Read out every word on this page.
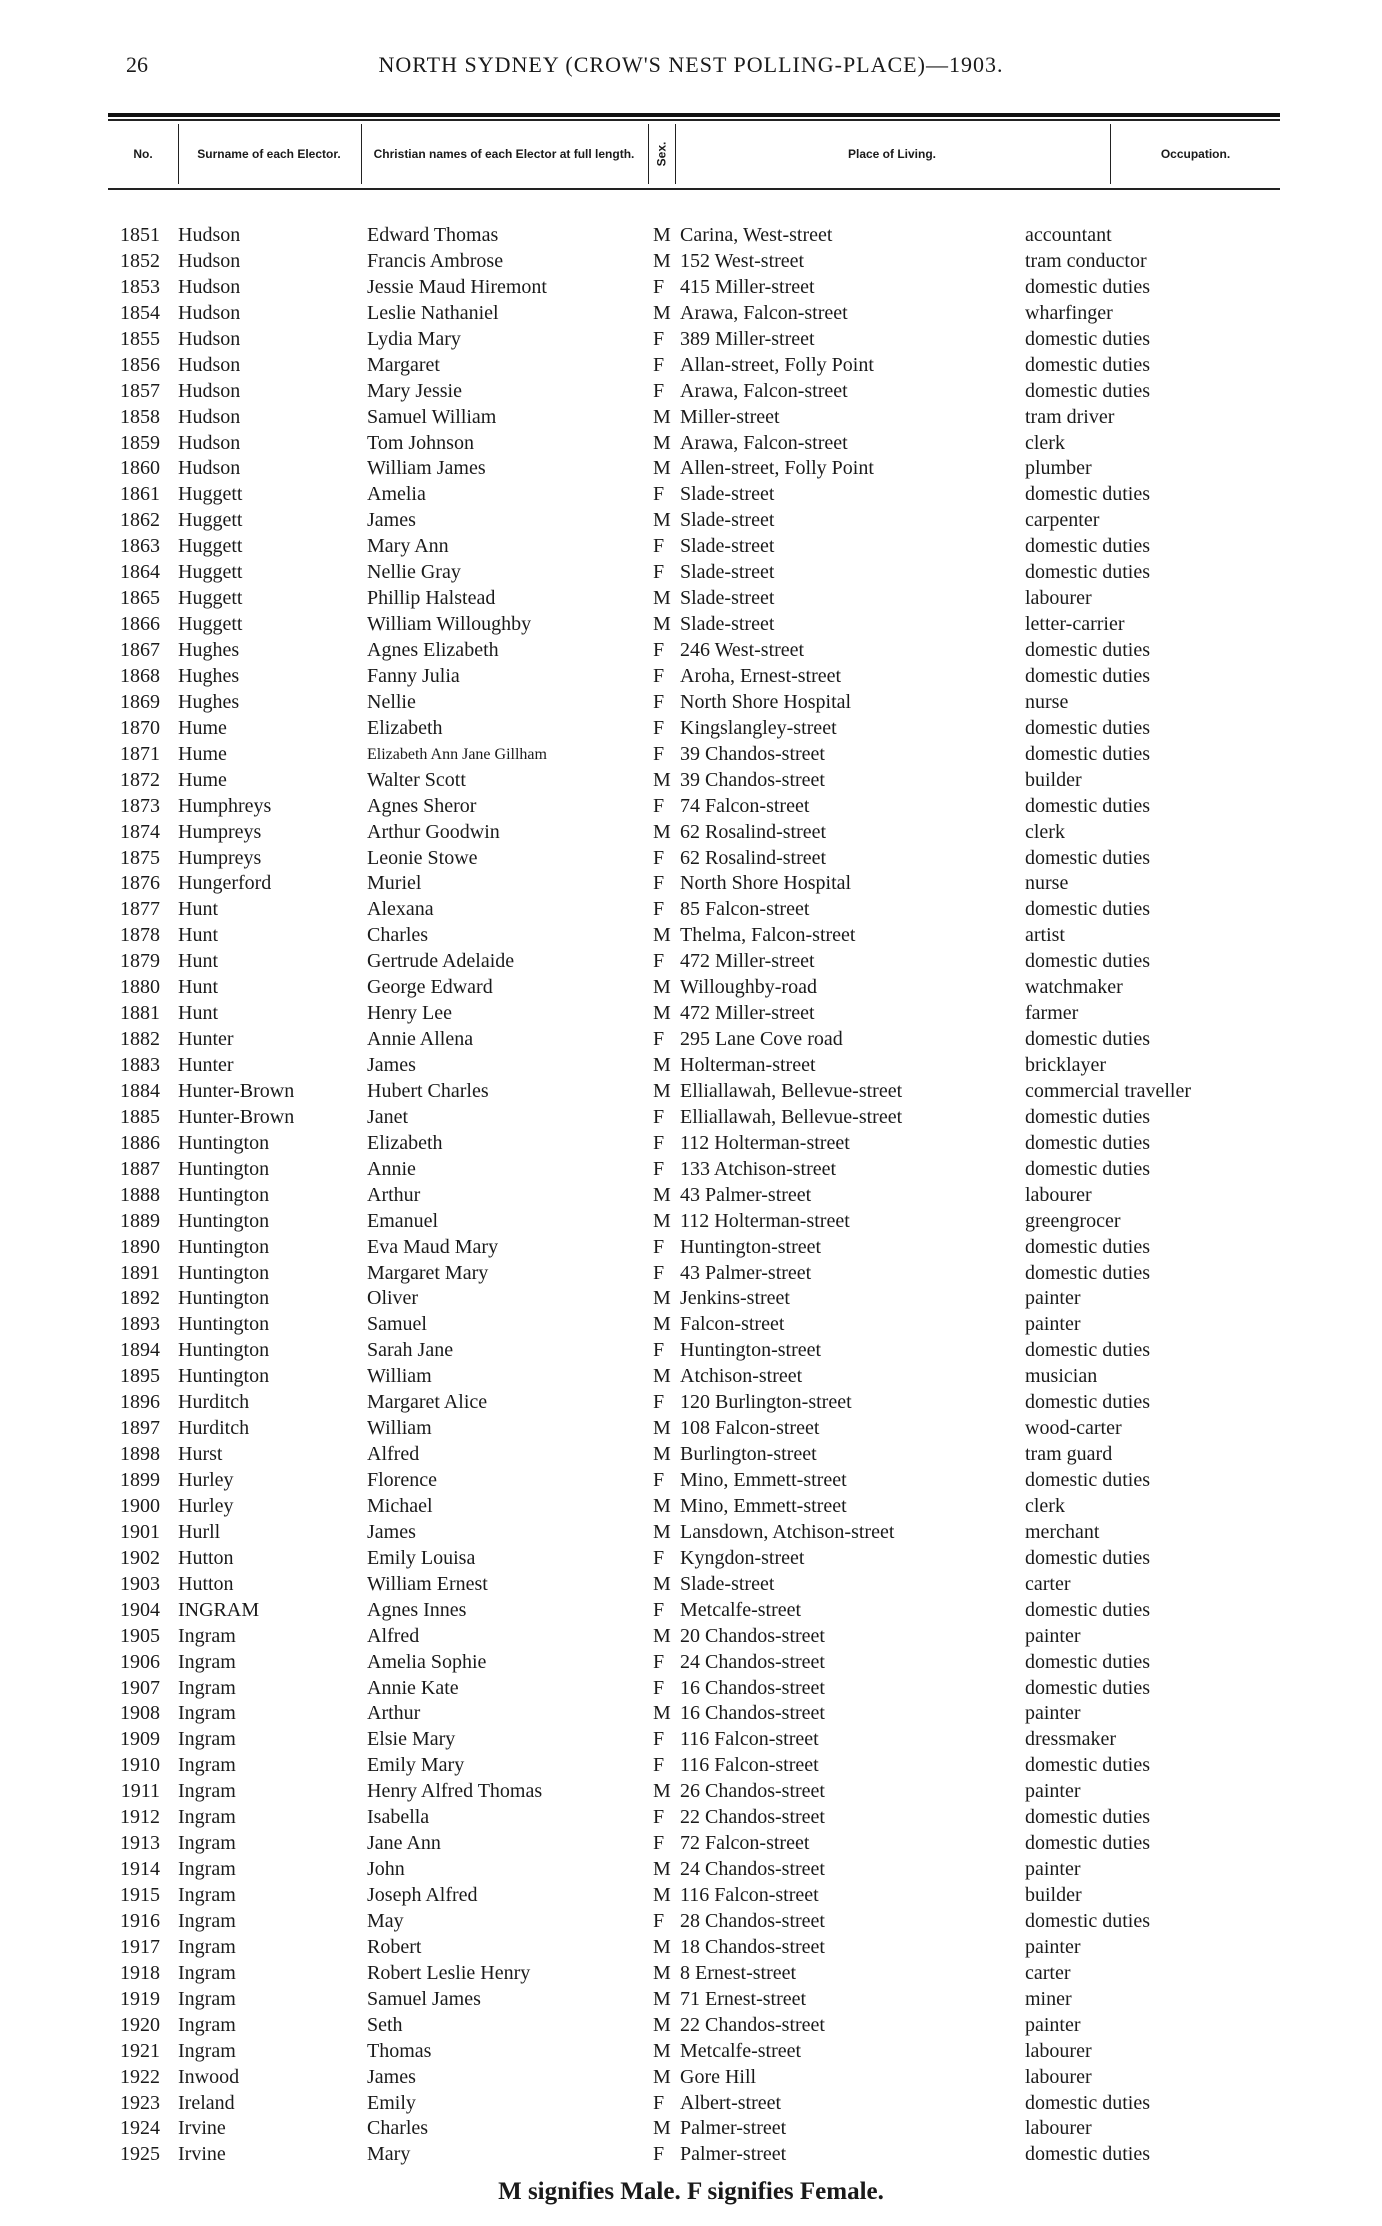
26	NORTH SYDNEY (CROW'S NEST POLLING-PLACE)—1903.
No.	Surname of each Elector.	Christian names of each Elector at full length.	Sex.	Place of Living.	Occupation.
1851 Hudson	Edward Thomas	M Carina, West-street	accountant
1852 Hudson	Francis Ambrose	M 152 West-street	tram conductor
1853 Hudson	Jessie Maud Hiremont	F 415 Miller-street	domestic duties
1854 Hudson	Leslie Nathaniel	M Arawa, Falcon-street	wharfinger
1855 Hudson	Lydia Mary	F 389 Miller-street	domestic duties
1856 Hudson	Margaret	F Allan-street, Folly Point	domestic duties
1857 Hudson	Mary Jessie	F Arawa, Falcon-street	domestic duties
1858 Hudson	Samuel William	M Miller-street	tram driver
1859 Hudson	Tom Johnson	M Arawa, Falcon-street	clerk
1860 Hudson	William James	M Allen-street, Folly Point	plumber
1861 Huggett	Amelia	F Slade-street	domestic duties
1862 Huggett	James	M Slade-street	carpenter
1863 Huggett	Mary Ann	F Slade-street	domestic duties
1864 Huggett	Nellie Gray	F Slade-street	domestic duties
1865 Huggett	Phillip Halstead	M Slade-street	labourer
1866 Huggett	William Willoughby	M Slade-street	letter-carrier
1867 Hughes	Agnes Elizabeth	F 246 West-street	domestic duties
1868 Hughes	Fanny Julia	F Aroha, Ernest-street	domestic duties
1869 Hughes	Nellie	F North Shore Hospital	nurse
1870 Hume	Elizabeth	F Kingslangley-street	domestic duties
1871 Hume	Elizabeth Ann Jane Gillham	F 39 Chandos-street	domestic duties
1872 Hume	Walter Scott	M 39 Chandos-street	builder
1873 Humphreys	Agnes Sheror	F 74 Falcon-street	domestic duties
1874 Humpreys	Arthur Goodwin	M 62 Rosalind-street	clerk
1875 Humpreys	Leonie Stowe	F 62 Rosalind-street	domestic duties
1876 Hungerford	Muriel	F North Shore Hospital	nurse
1877 Hunt	Alexana	F 85 Falcon-street	domestic duties
1878 Hunt	Charles	M Thelma, Falcon-street	artist
1879 Hunt	Gertrude Adelaide	F 472 Miller-street	domestic duties
1880 Hunt	George Edward	M Willoughby-road	watchmaker
1881 Hunt	Henry Lee	M 472 Miller-street	farmer
1882 Hunter	Annie Allena	F 295 Lane Cove road	domestic duties
1883 Hunter	James	M Holterman-street	bricklayer
1884 Hunter-Brown	Hubert Charles	M Elliallawah, Bellevue-street	commercial traveller
1885 Hunter-Brown	Janet	F Elliallawah, Bellevue-street	domestic duties
1886 Huntington	Elizabeth	F 112 Holterman-street	domestic duties
1887 Huntington	Annie	F 133 Atchison-street	domestic duties
1888 Huntington	Arthur	M 43 Palmer-street	labourer
1889 Huntington	Emanuel	M 112 Holterman-street	greengrocer
1890 Huntington	Eva Maud Mary	F Huntington-street	domestic duties
1891 Huntington	Margaret Mary	F 43 Palmer-street	domestic duties
1892 Huntington	Oliver	M Jenkins-street	painter
1893 Huntington	Samuel	M Falcon-street	painter
1894 Huntington	Sarah Jane	F Huntington-street	domestic duties
1895 Huntington	William	M Atchison-street	musician
1896 Hurditch	Margaret Alice	F 120 Burlington-street	domestic duties
1897 Hurditch	William	M 108 Falcon-street	wood-carter
1898 Hurst	Alfred	M Burlington-street	tram guard
1899 Hurley	Florence	F Mino, Emmett-street	domestic duties
1900 Hurley	Michael	M Mino, Emmett-street	clerk
1901 Hurll	James	M Lansdown, Atchison-street	merchant
1902 Hutton	Emily Louisa	F Kyngdon-street	domestic duties
1903 Hutton	William Ernest	M Slade-street	carter
1904 INGRAM	Agnes Innes	F Metcalfe-street	domestic duties
1905 Ingram	Alfred	M 20 Chandos-street	painter
1906 Ingram	Amelia Sophie	F 24 Chandos-street	domestic duties
1907 Ingram	Annie Kate	F 16 Chandos-street	domestic duties
1908 Ingram	Arthur	M 16 Chandos-street	painter
1909 Ingram	Elsie Mary	F 116 Falcon-street	dressmaker
1910 Ingram	Emily Mary	F 116 Falcon-street	domestic duties
1911 Ingram	Henry Alfred Thomas	M 26 Chandos-street	painter
1912 Ingram	Isabella	F 22 Chandos-street	domestic duties
1913 Ingram	Jane Ann	F 72 Falcon-street	domestic duties
1914 Ingram	John	M 24 Chandos-street	painter
1915 Ingram	Joseph Alfred	M 116 Falcon-street	builder
1916 Ingram	May	F 28 Chandos-street	domestic duties
1917 Ingram	Robert	M 18 Chandos-street	painter
1918 Ingram	Robert Leslie Henry	M 8 Ernest-street	carter
1919 Ingram	Samuel James	M 71 Ernest-street	miner
1920 Ingram	Seth	M 22 Chandos-street	painter
1921 Ingram	Thomas	M Metcalfe-street	labourer
1922 Inwood	James	M Gore Hill	labourer
1923 Ireland	Emily	F Albert-street	domestic duties
1924 Irvine	Charles	M Palmer-street	labourer
1925 Irvine	Mary	F Palmer-street	domestic duties
M signifies Male. F signifies Female.
